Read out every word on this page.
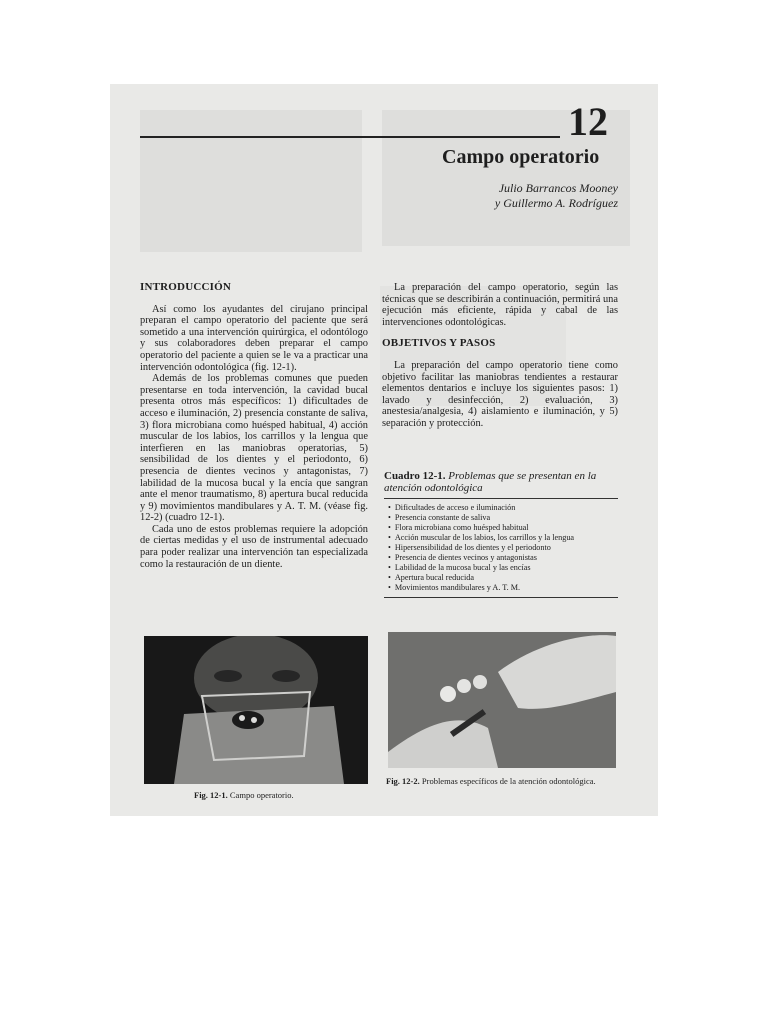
12
Campo operatorio
Julio Barrancos Mooney
y Guillermo A. Rodríguez
INTRODUCCIÓN

Así como los ayudantes del cirujano principal preparan el campo operatorio del paciente que será sometido a una intervención quirúrgica, el odontólogo y sus colaboradores deben preparar el campo operatorio del paciente a quien se le va a practicar una intervención odontológica (fig. 12-1).

Además de los problemas comunes que pueden presentarse en toda intervención, la cavidad bucal presenta otros más específicos: 1) dificultades de acceso e iluminación, 2) presencia constante de saliva, 3) flora microbiana como huésped habitual, 4) acción muscular de los labios, los carrillos y la lengua que interfieren en las maniobras operatorias, 5) sensibilidad de los dientes y el periodonto, 6) presencia de dientes vecinos y antagonistas, 7) labilidad de la mucosa bucal y la encía que sangran ante el menor traumatismo, 8) apertura bucal reducida y 9) movimientos mandibulares y A. T. M. (véase fig. 12-2) (cuadro 12-1).

Cada uno de estos problemas requiere la adopción de ciertas medidas y el uso de instrumental adecuado para poder realizar una intervención tan especializada como la restauración de un diente.

La preparación del campo operatorio, según las técnicas que se describirán a continuación, permitirá una ejecución más eficiente, rápida y cabal de las intervenciones odontológicas.

OBJETIVOS Y PASOS

La preparación del campo operatorio tiene como objetivo facilitar las maniobras tendientes a restaurar elementos dentarios e incluye los siguientes pasos: 1) lavado y desinfección, 2) evaluación, 3) anestesia/analgesia, 4) aislamiento e iluminación, y 5) separación y protección.

Cuadro 12-1. Problemas que se presentan en la atención odontológica
• Dificultades de acceso e iluminación
• Presencia constante de saliva
• Flora microbiana como huésped habitual
• Acción muscular de los labios, los carrillos y la lengua
• Hipersensibilidad de los dientes y el periodonto
• Presencia de dientes vecinos y antagonistas
• Labilidad de la mucosa bucal y las encías
• Apertura bucal reducida
• Movimientos mandibulares y A. T. M.
Fig. 12-1. Campo operatorio.
Fig. 12-2. Problemas específicos de la atención odontológica.
